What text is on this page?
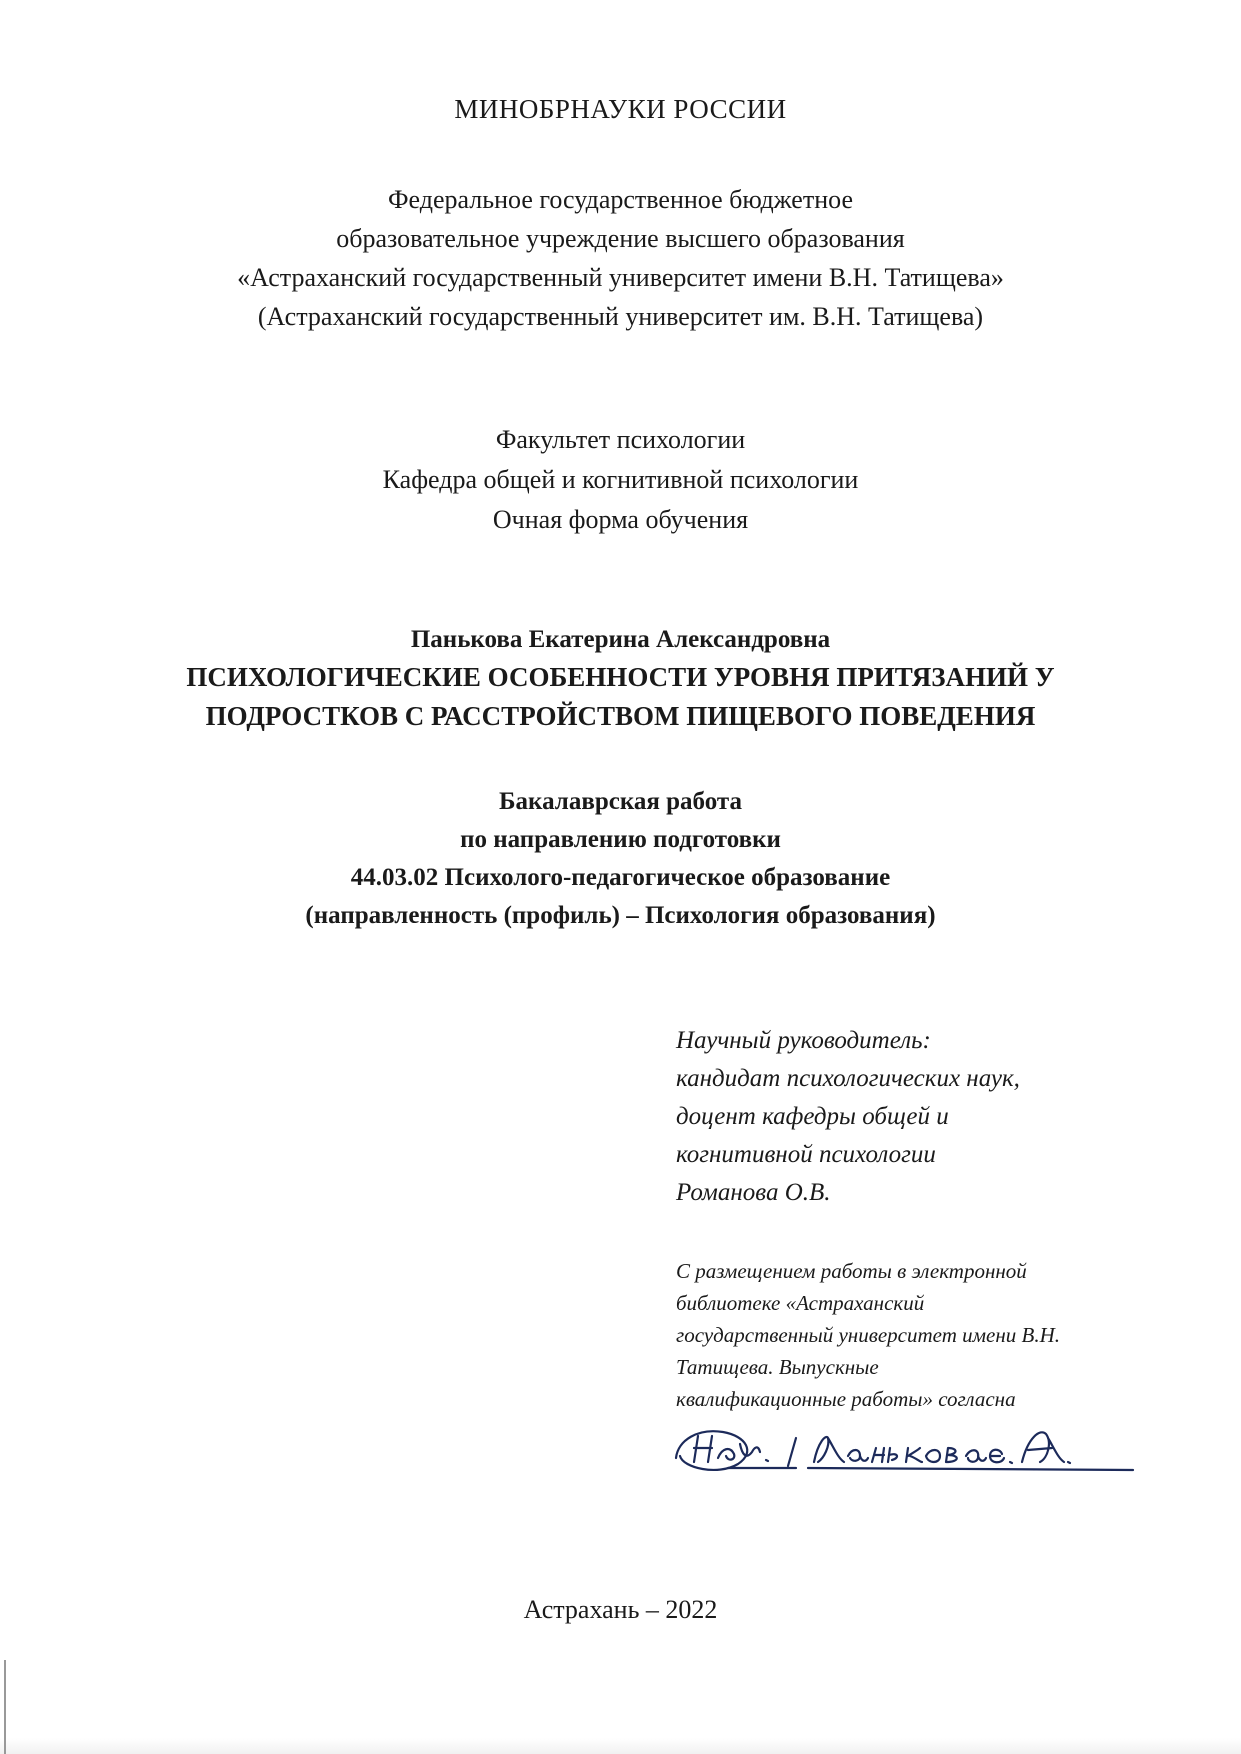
МИНОБРНАУКИ РОССИИ
Федеральное государственное бюджетное
образовательное учреждение высшего образования
«Астраханский государственный университет имени В.Н. Татищева»
(Астраханский государственный университет им. В.Н. Татищева)
Факультет психологии
Кафедра общей и когнитивной психологии
Очная форма обучения
Панькова Екатерина Александровна
ПСИХОЛОГИЧЕСКИЕ ОСОБЕННОСТИ УРОВНЯ ПРИТЯЗАНИЙ У
ПОДРОСТКОВ С РАССТРОЙСТВОМ ПИЩЕВОГО ПОВЕДЕНИЯ
Бакалаврская работа
по направлению подготовки
44.03.02 Психолого-педагогическое образование
(направленность (профиль) – Психология образования)
Научный руководитель:
кандидат психологических наук,
доцент кафедры общей и
когнитивной психологии
Романова О.В.
С размещением работы в электронной
библиотеке «Астраханский
государственный университет имени В.Н.
Татищева. Выпускные
квалификационные работы» согласна
Астрахань – 2022
